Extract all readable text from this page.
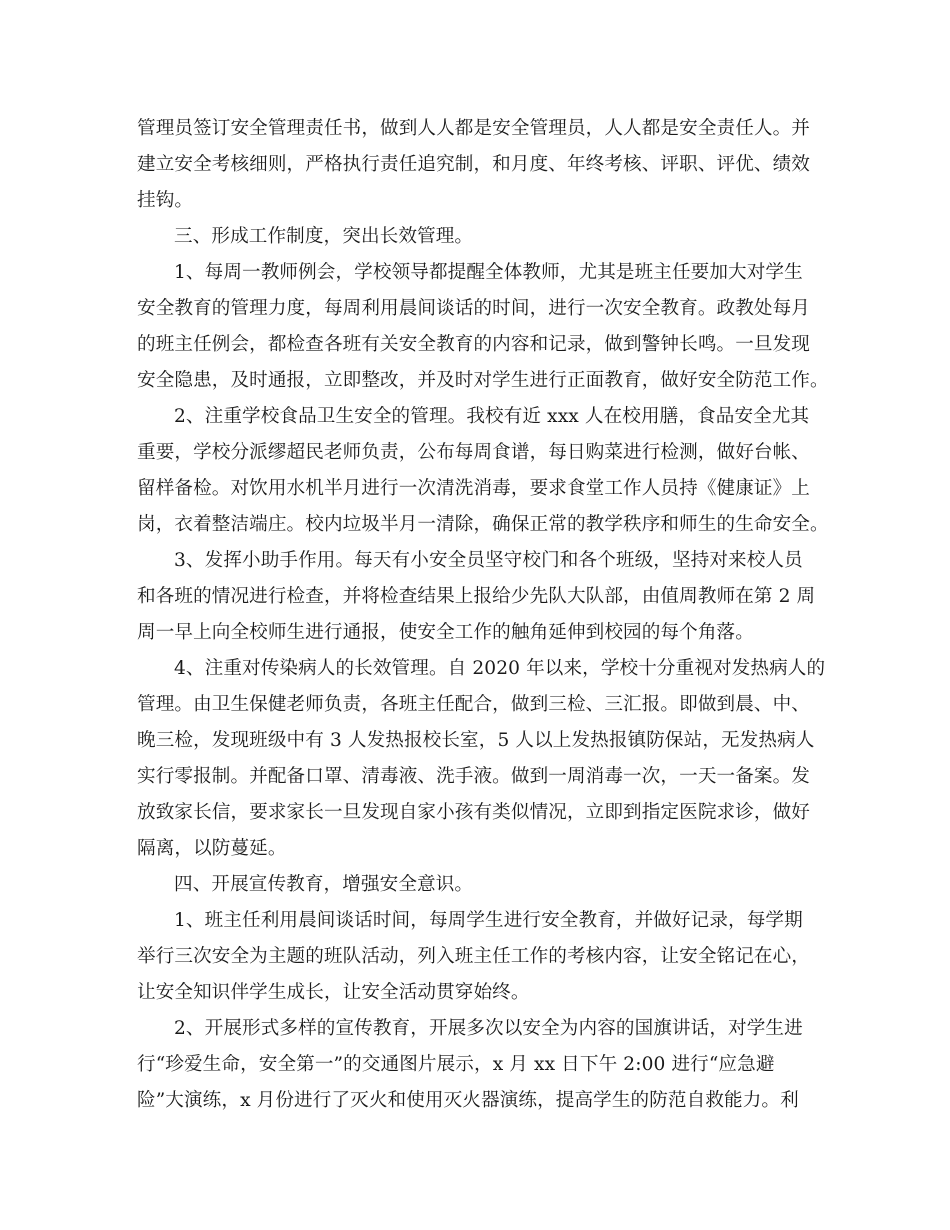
管理员签订安全管理责任书，做到人人都是安全管理员，人人都是安全责任人。并
建立安全考核细则，严格执行责任追究制，和月度、年终考核、评职、评优、绩效
挂钩。
三、形成工作制度，突出长效管理。
1、每周一教师例会，学校领导都提醒全体教师，尤其是班主任要加大对学生
安全教育的管理力度，每周利用晨间谈话的时间，进行一次安全教育。政教处每月
的班主任例会，都检查各班有关安全教育的内容和记录，做到警钟长鸣。一旦发现
安全隐患，及时通报，立即整改，并及时对学生进行正面教育，做好安全防范工作。
2、注重学校食品卫生安全的管理。我校有近 xxx 人在校用膳，食品安全尤其
重要，学校分派缪超民老师负责，公布每周食谱，每日购菜进行检测，做好台帐、
留样备检。对饮用水机半月进行一次清洗消毒，要求食堂工作人员持《健康证》上
岗，衣着整洁端庄。校内垃圾半月一清除，确保正常的教学秩序和师生的生命安全。
3、发挥小助手作用。每天有小安全员坚守校门和各个班级，坚持对来校人员
和各班的情况进行检查，并将检查结果上报给少先队大队部，由值周教师在第 2 周
周一早上向全校师生进行通报，使安全工作的触角延伸到校园的每个角落。
4、注重对传染病人的长效管理。自 2020 年以来，学校十分重视对发热病人的
管理。由卫生保健老师负责，各班主任配合，做到三检、三汇报。即做到晨、中、
晚三检，发现班级中有 3 人发热报校长室，5 人以上发热报镇防保站，无发热病人
实行零报制。并配备口罩、清毒液、洗手液。做到一周消毒一次，一天一备案。发
放致家长信，要求家长一旦发现自家小孩有类似情况，立即到指定医院求诊，做好
隔离，以防蔓延。
四、开展宣传教育，增强安全意识。
1、班主任利用晨间谈话时间，每周学生进行安全教育，并做好记录，每学期
举行三次安全为主题的班队活动，列入班主任工作的考核内容，让安全铭记在心，
让安全知识伴学生成长，让安全活动贯穿始终。
2、开展形式多样的宣传教育，开展多次以安全为内容的国旗讲话，对学生进
行“珍爱生命，安全第一”的交通图片展示，x 月 xx 日下午 2:00 进行“应急避
险”大演练，x 月份进行了灭火和使用灭火器演练，提高学生的防范自救能力。利
